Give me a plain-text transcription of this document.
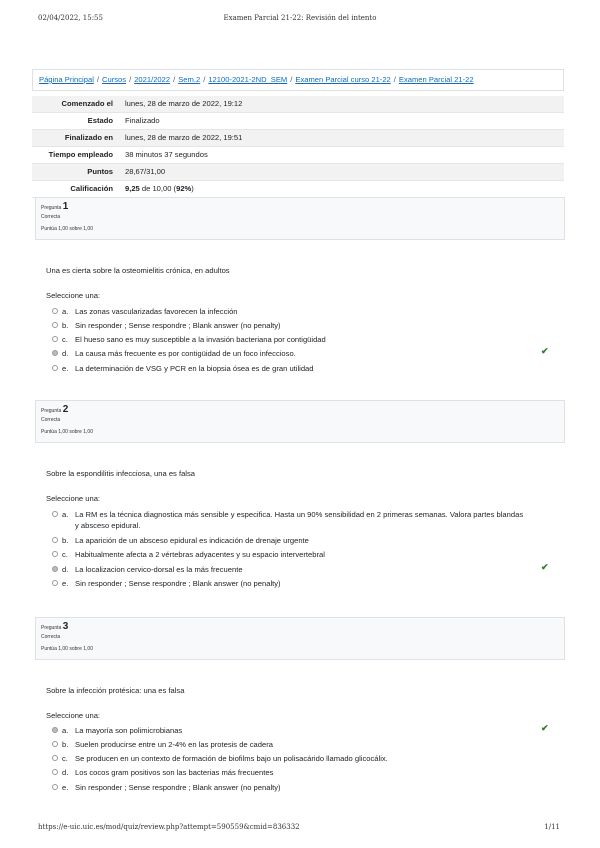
02/04/2022, 15:55	Examen Parcial 21-22: Revisión del intento
Página Principal / Cursos / 2021/2022 / Sem.2 / 12100-2021-2ND_SEM / Examen Parcial curso 21-22 / Examen Parcial 21-22
Comenzado el	lunes, 28 de marzo de 2022, 19:12
Estado	Finalizado
Finalizado en	lunes, 28 de marzo de 2022, 19:51
Tiempo empleado	38 minutos 37 segundos
Puntos	28,67/31,00
Calificación	9,25 de 10,00 (92%)
Pregunta 1
Correcta
Puntúa 1,00 sobre 1,00
Una es cierta sobre la osteomielitis crónica, en adultos
Seleccione una:
a. Las zonas vascularizadas favorecen la infección
b. Sin responder ; Sense respondre ; Blank answer (no penalty)
c. El hueso sano es muy susceptible a la invasión bacteriana por contigüidad
d. La causa más frecuente es por contigüidad de un foco infeccioso.	✔
e. La determinación de VSG y PCR en la biopsia ósea es de gran utilidad
Pregunta 2
Correcta
Puntúa 1,00 sobre 1,00
Sobre la espondilitis infecciosa, una es falsa
Seleccione una:
a. La RM es la técnica diagnostica más sensible y especifica. Hasta un 90% sensibilidad en 2 primeras semanas. Valora partes blandas y absceso epidural.
b. La aparición de un absceso epidural es indicación de drenaje urgente
c. Habitualmente afecta a 2 vértebras adyacentes y su espacio intervertebral
d. La localizacion cervico-dorsal es la más frecuente	✔
e. Sin responder ; Sense respondre ; Blank answer (no penalty)
Pregunta 3
Correcta
Puntúa 1,00 sobre 1,00
Sobre la infección protésica: una es falsa
Seleccione una:
a. La mayoría son polimicrobianas	✔
b. Suelen producirse entre un 2-4% en las protesis de cadera
c. Se producen en un contexto de formación de biofilms bajo un polisacárido llamado glicocálix.
d. Los cocos gram positivos son las bacterias más frecuentes
e. Sin responder ; Sense respondre ; Blank answer (no penalty)
https://e-uic.uic.es/mod/quiz/review.php?attempt=590559&cmid=836332	1/11
